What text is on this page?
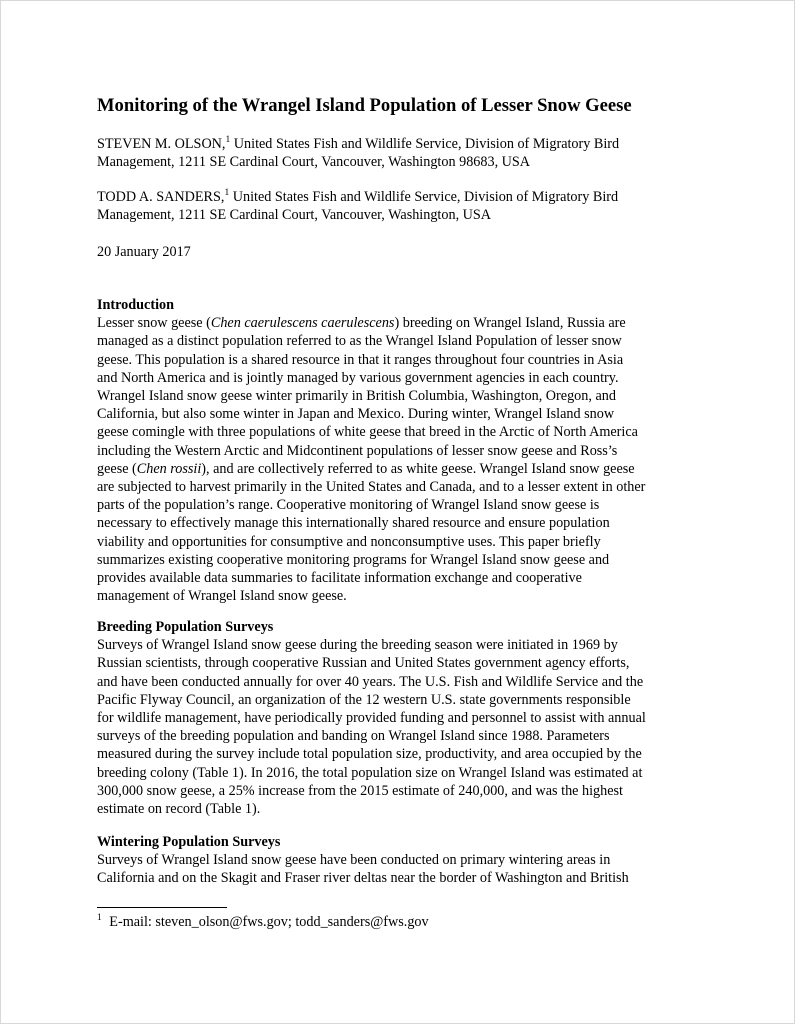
Monitoring of the Wrangel Island Population of Lesser Snow Geese

STEVEN M. OLSON,$^1$ United States Fish and Wildlife Service, Division of Migratory Bird
Management, 1211 SE Cardinal Court, Vancouver, Washington 98683, USA

TODD A. SANDERS,$^1$ United States Fish and Wildlife Service, Division of Migratory Bird
Management, 1211 SE Cardinal Court, Vancouver, Washington, USA

20 January 2017

Introduction

Lesser snow geese (Chen caerulescens caerulescens) breeding on Wrangel Island, Russia are
managed as a distinct population referred to as the Wrangel Island Population of lesser snow
geese. This population is a shared resource in that it ranges throughout four countries in Asia
and North America and is jointly managed by various government agencies in each country.
Wrangel Island snow geese winter primarily in British Columbia, Washington, Oregon, and
California, but also some winter in Japan and Mexico. During winter, Wrangel Island snow
geese comingle with three populations of white geese that breed in the Arctic of North America
including the Western Arctic and Midcontinent populations of lesser snow geese and Ross’s
geese (Chen rossii), and are collectively referred to as white geese. Wrangel Island snow geese
are subjected to harvest primarily in the United States and Canada, and to a lesser extent in other
parts of the population’s range. Cooperative monitoring of Wrangel Island snow geese is
necessary to effectively manage this internationally shared resource and ensure population
viability and opportunities for consumptive and nonconsumptive uses. This paper briefly
summarizes existing cooperative monitoring programs for Wrangel Island snow geese and
provides available data summaries to facilitate information exchange and cooperative
management of Wrangel Island snow geese.

Breeding Population Surveys

Surveys of Wrangel Island snow geese during the breeding season were initiated in 1969 by
Russian scientists, through cooperative Russian and United States government agency efforts,
and have been conducted annually for over 40 years. The U.S. Fish and Wildlife Service and the
Pacific Flyway Council, an organization of the 12 western U.S. state governments responsible
for wildlife management, have periodically provided funding and personnel to assist with annual
surveys of the breeding population and banding on Wrangel Island since 1988. Parameters
measured during the survey include total population size, productivity, and area occupied by the
breeding colony (Table 1). In 2016, the total population size on Wrangel Island was estimated at
300,000 snow geese, a 25% increase from the 2015 estimate of 240,000, and was the highest
estimate on record (Table 1).

Wintering Population Surveys

Surveys of Wrangel Island snow geese have been conducted on primary wintering areas in
California and on the Skagit and Fraser river deltas near the border of Washington and British

$^1$ E-mail: steven_olson@fws.gov; todd_sanders@fws.gov
